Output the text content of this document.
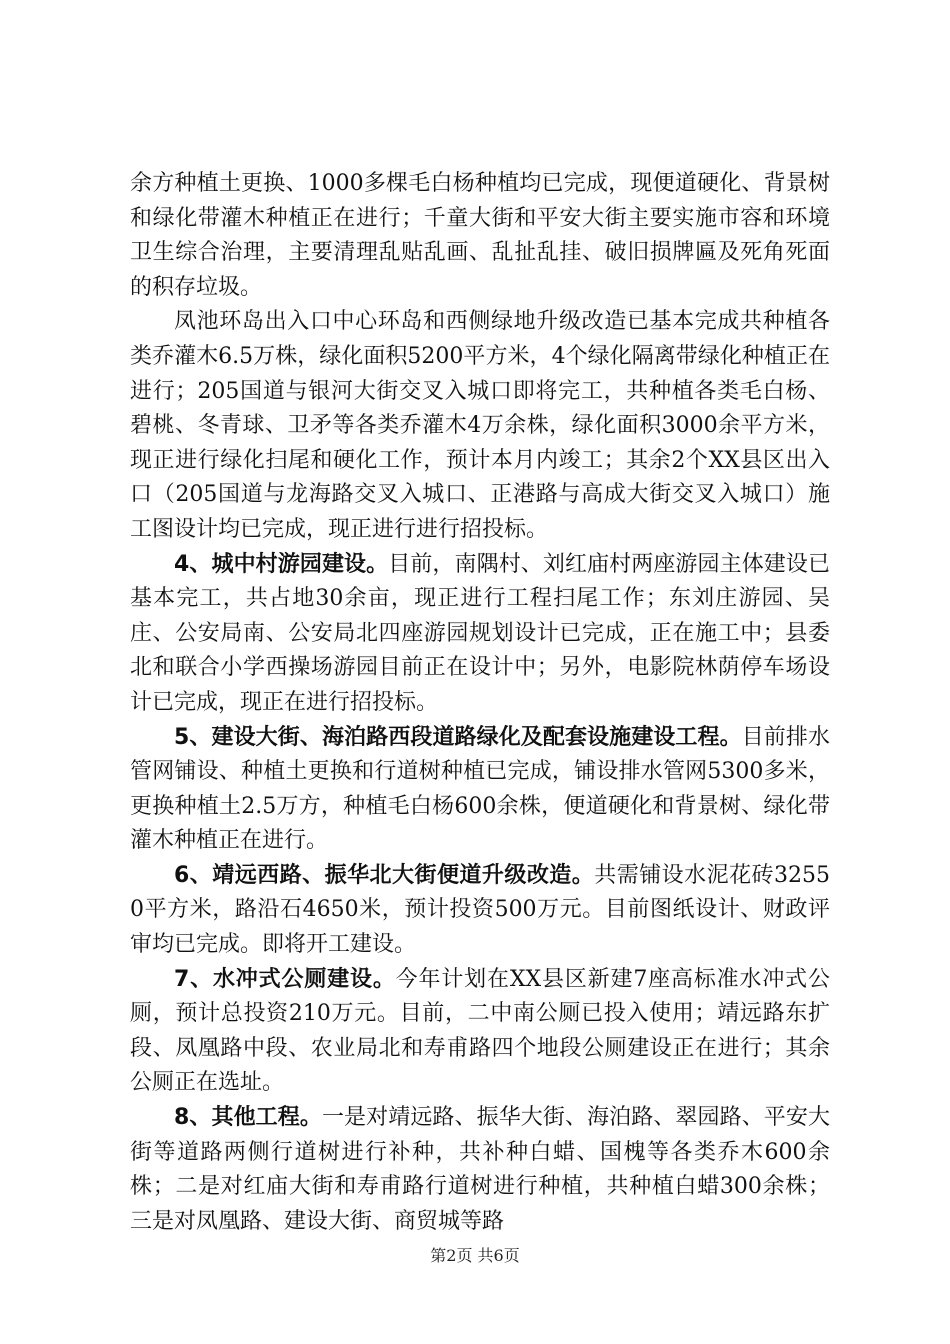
余方种植土更换、1000多棵毛白杨种植均已完成，现便道硬化、背景树和绿化带灌木种植正在进行；千童大街和平安大街主要实施市容和环境卫生综合治理，主要清理乱贴乱画、乱扯乱挂、破旧损牌匾及死角死面的积存垃圾。

凤池环岛出入口中心环岛和西侧绿地升级改造已基本完成共种植各类乔灌木6.5万株，绿化面积5200平方米，4个绿化隔离带绿化种植正在进行；205国道与银河大街交叉入城口即将完工，共种植各类毛白杨、碧桃、冬青球、卫矛等各类乔灌木4万余株，绿化面积3000余平方米，现正进行绿化扫尾和硬化工作，预计本月内竣工；其余2个XX县区出入口（205国道与龙海路交叉入城口、正港路与高成大街交叉入城口）施工图设计均已完成，现正进行进行招投标。

4、城中村游园建设。目前，南隅村、刘红庙村两座游园主体建设已基本完工，共占地30余亩，现正进行工程扫尾工作；东刘庄游园、吴庄、公安局南、公安局北四座游园规划设计已完成，正在施工中；县委北和联合小学西操场游园目前正在设计中；另外，电影院林荫停车场设计已完成，现正在进行招投标。

5、建设大街、海泊路西段道路绿化及配套设施建设工程。目前排水管网铺设、种植土更换和行道树种植已完成，铺设排水管网5300多米，更换种植土2.5万方，种植毛白杨600余株，便道硬化和背景树、绿化带灌木种植正在进行。

6、靖远西路、振华北大街便道升级改造。共需铺设水泥花砖32550平方米，路沿石4650米，预计投资500万元。目前图纸设计、财政评审均已完成。即将开工建设。

7、水冲式公厕建设。今年计划在XX县区新建7座高标准水冲式公厕，预计总投资210万元。目前，二中南公厕已投入使用；靖远路东扩段、凤凰路中段、农业局北和寿甫路四个地段公厕建设正在进行；其余公厕正在选址。

8、其他工程。一是对靖远路、振华大街、海泊路、翠园路、平安大街等道路两侧行道树进行补种，共补种白蜡、国槐等各类乔木600余株；二是对红庙大街和寿甫路行道树进行种植，共种植白蜡300余株；三是对凤凰路、建设大街、商贸城等路

第2页 共6页
